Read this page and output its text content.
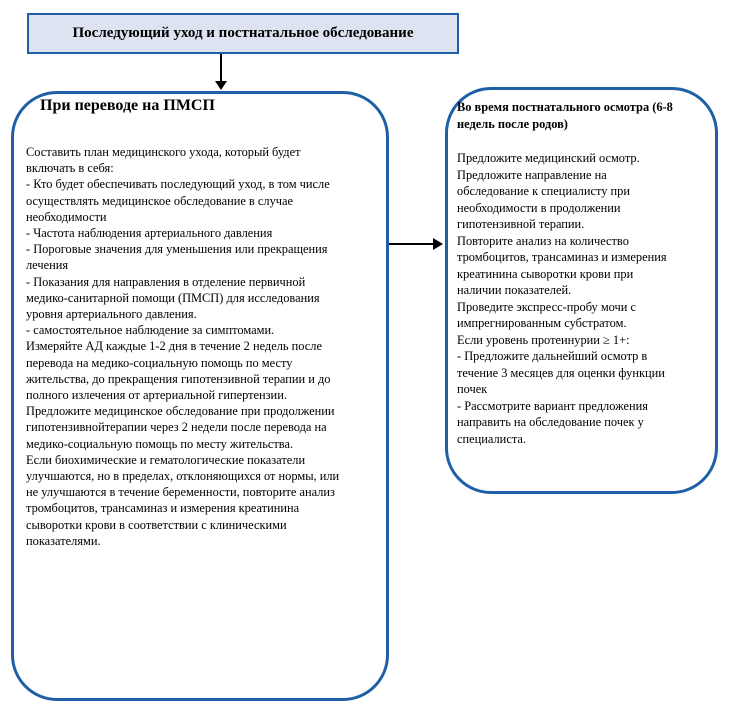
Последующий уход и постнатальное обследование
При переводе на ПМСП
Составить план медицинского ухода, который будет
включать в себя:
- Кто будет обеспечивать последующий уход, в том числе
осуществлять медицинское обследование в случае
необходимости
- Частота наблюдения артериального давления
- Пороговые значения для уменьшения или прекращения
лечения
- Показания для направления в отделение первичной
медико-санитарной помощи (ПМСП) для исследования
уровня артериального давления.
- самостоятельное наблюдение за симптомами.
Измеряйте АД каждые 1-2 дня в течение 2 недель после
перевода на медико-социальную помощь по месту
жительства, до прекращения гипотензивной терапии и до
полного излечения от артериальной гипертензии.
Предложите медицинское обследование при продолжении
гипотензивнойтерапии через 2 недели после перевода на
медико-социальную помощь по месту жительства.
Если биохимические и гематологические показатели
улучшаются, но в пределах, отклоняющихся от нормы, или
не улучшаются в течение беременности, повторите анализ
тромбоцитов, трансаминаз и измерения креатинина
сыворотки крови в соответствии с клиническими
показателями.
Во время постнатального осмотра (6-8
недель после родов)
Предложите медицинский осмотр.
Предложите направление на
обследование к специалисту при
необходимости в продолжении
гипотензивной терапии.
Повторите анализ на количество
тромбоцитов, трансаминаз и измерения
креатинина сыворотки крови при
наличии показателей.
Проведите экспресс-пробу мочи с
импрегнированным субстратом.
Если уровень протеинурии ≥ 1+:
- Предложите дальнейший осмотр в
течение 3 месяцев для оценки функции
почек
- Рассмотрите вариант предложения
направить на обследование почек у
специалиста.
